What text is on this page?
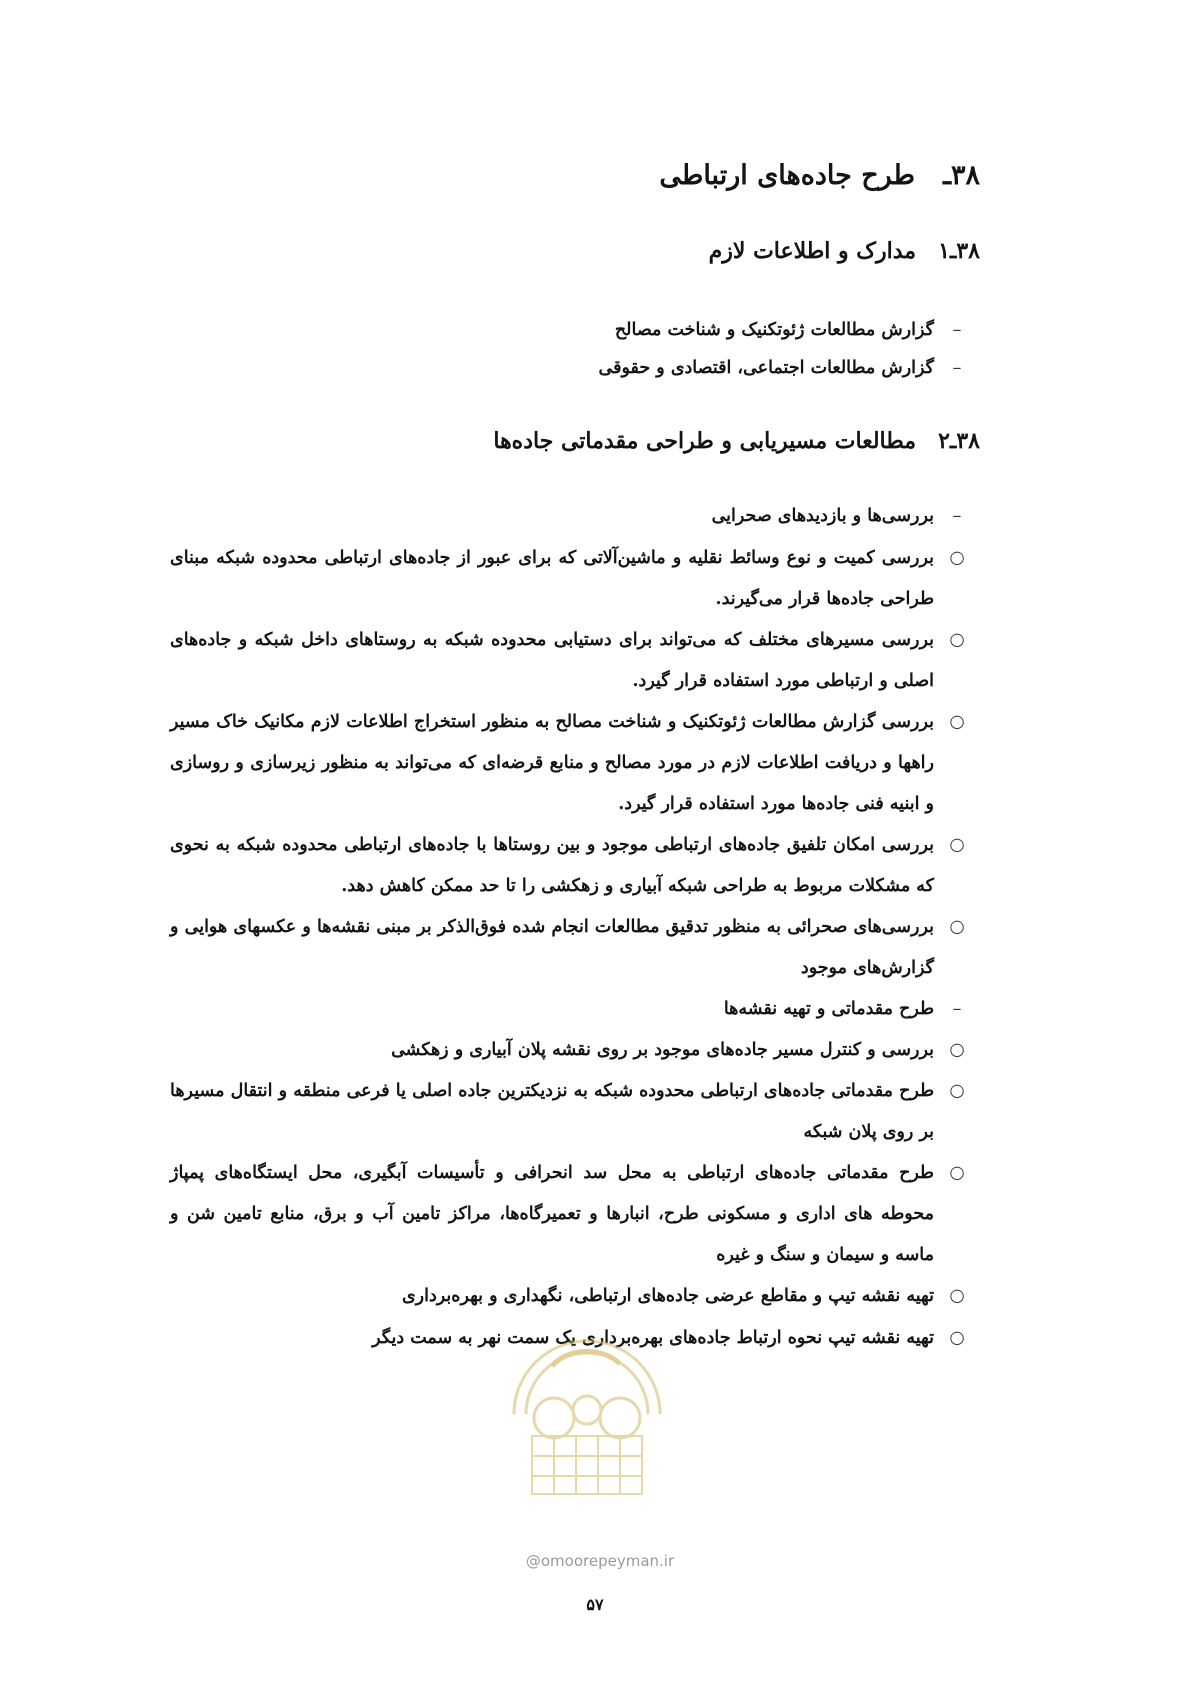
۳۸ـطرح جاده‌های ارتباطی
۳۸ـ۱مدارک و اطلاعات لازم
–
گزارش مطالعات ژئوتکنیک و شناخت مصالح
–
گزارش مطالعات اجتماعی، اقتصادی و حقوقی
۳۸ـ۲مطالعات مسیریابی و طراحی مقدماتی جاده‌ها
–
بررسی‌ها و بازدیدهای صحرایی
○
بررسی کمیت و نوع وسائط نقلیه و ماشین‌آلاتی که برای عبور از جاده‌های ارتباطی محدوده شبکه مبنای طراحی جاده‌ها قرار می‌گیرند.
○
بررسی مسیرهای مختلف که می‌تواند برای دستیابی محدوده شبکه به روستاهای داخل شبکه و جاده‌های اصلی و ارتباطی مورد استفاده قرار گیرد.
○
بررسی گزارش مطالعات ژئوتکنیک و شناخت مصالح به منظور استخراج اطلاعات لازم مکانیک خاک مسیر راهها و دریافت اطلاعات لازم در مورد مصالح و منابع قرضه‌ای که می‌تواند به منظور زیرسازی و روسازی و ابنیه فنی جاده‌ها مورد استفاده قرار گیرد.
○
بررسی امکان تلفیق جاده‌های ارتباطی موجود و بین روستاها با جاده‌های ارتباطی محدوده شبکه به نحوی که مشکلات مربوط به طراحی شبکه آبیاری و زهکشی را تا حد ممکن کاهش دهد.
○
بررسی‌های صحرائی به منظور تدقیق مطالعات انجام شده فوق‌الذکر بر مبنی نقشه‌ها و عکسهای هوایی و گزارش‌های موجود
–
طرح مقدماتی و تهیه نقشه‌ها
○
بررسی و کنترل مسیر جاده‌های موجود بر روی نقشه پلان آبیاری و زهکشی
○
طرح مقدماتی جاده‌های ارتباطی محدوده شبکه به نزدیکترین جاده اصلی یا فرعی منطقه و انتقال مسیرها بر روی پلان شبکه
○
طرح مقدماتی جاده‌های ارتباطی به محل سد انحرافی و تأسیسات آبگیری، محل ایستگاه‌های پمپاژ محوطه های اداری و مسکونی طرح، انبارها و تعمیرگاه‌ها، مراکز تامین آب و برق، منابع تامین شن و ماسه و سیمان و سنگ و غیره
○
تهیه نقشه تیپ و مقاطع عرضی جاده‌های ارتباطی، نگهداری و بهره‌برداری
○
تهیه نقشه تیپ نحوه ارتباط جاده‌های بهره‌برداری یک سمت نهر به سمت دیگر
@omoorepeyman.ir
۵۷
